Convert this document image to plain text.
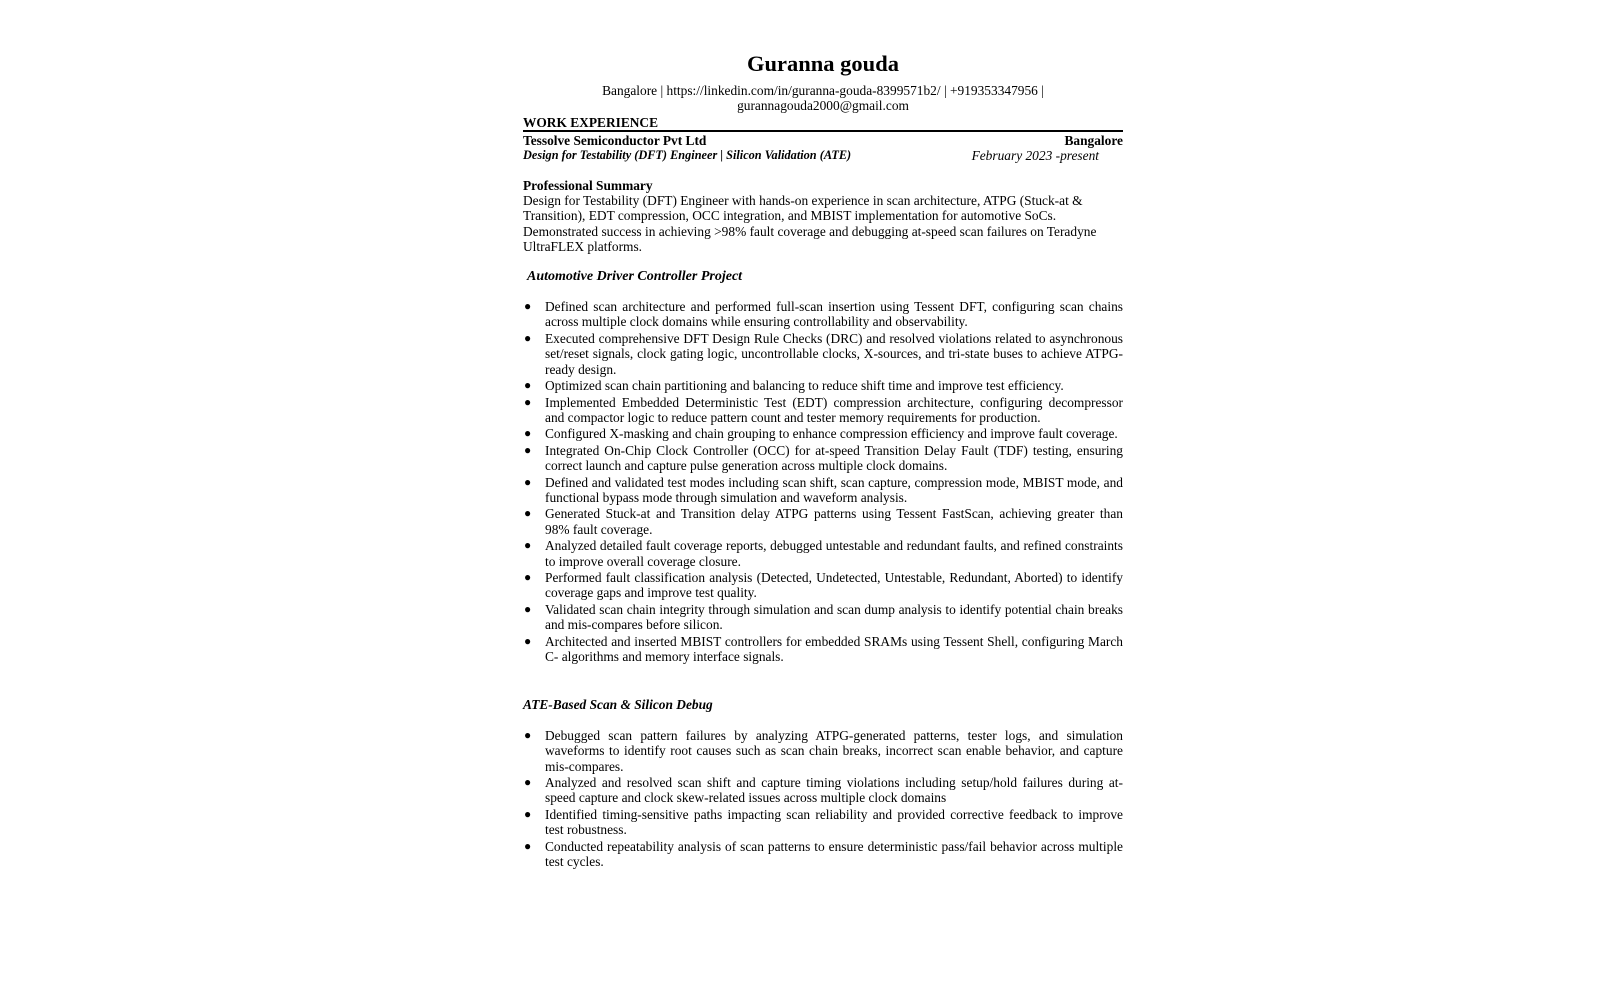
Guranna gouda
Bangalore | https://linkedin.com/in/guranna-gouda-8399571b2/ | +919353347956 | gurannagouda2000@gmail.com
WORK EXPERIENCE
Tessolve Semiconductor Pvt Ltd	Bangalore
Design for Testability (DFT) Engineer | Silicon Validation (ATE)	February 2023 -present
Professional Summary
Design for Testability (DFT) Engineer with hands-on experience in scan architecture, ATPG (Stuck-at & Transition), EDT compression, OCC integration, and MBIST implementation for automotive SoCs. Demonstrated success in achieving >98% fault coverage and debugging at-speed scan failures on Teradyne UltraFLEX platforms.
Automotive Driver Controller Project
● Defined scan architecture and performed full-scan insertion using Tessent DFT, configuring scan chains across multiple clock domains while ensuring controllability and observability.
● Executed comprehensive DFT Design Rule Checks (DRC) and resolved violations related to asynchronous set/reset signals, clock gating logic, uncontrollable clocks, X-sources, and tri-state buses to achieve ATPG-ready design.
● Optimized scan chain partitioning and balancing to reduce shift time and improve test efficiency.
● Implemented Embedded Deterministic Test (EDT) compression architecture, configuring decompressor and compactor logic to reduce pattern count and tester memory requirements for production.
● Configured X-masking and chain grouping to enhance compression efficiency and improve fault coverage.
● Integrated On-Chip Clock Controller (OCC) for at-speed Transition Delay Fault (TDF) testing, ensuring correct launch and capture pulse generation across multiple clock domains.
● Defined and validated test modes including scan shift, scan capture, compression mode, MBIST mode, and functional bypass mode through simulation and waveform analysis.
● Generated Stuck-at and Transition delay ATPG patterns using Tessent FastScan, achieving greater than 98% fault coverage.
● Analyzed detailed fault coverage reports, debugged untestable and redundant faults, and refined constraints to improve overall coverage closure.
● Performed fault classification analysis (Detected, Undetected, Untestable, Redundant, Aborted) to identify coverage gaps and improve test quality.
● Validated scan chain integrity through simulation and scan dump analysis to identify potential chain breaks and mis-compares before silicon.
● Architected and inserted MBIST controllers for embedded SRAMs using Tessent Shell, configuring March C- algorithms and memory interface signals.
ATE-Based Scan & Silicon Debug
● Debugged scan pattern failures by analyzing ATPG-generated patterns, tester logs, and simulation waveforms to identify root causes such as scan chain breaks, incorrect scan enable behavior, and capture mis-compares.
● Analyzed and resolved scan shift and capture timing violations including setup/hold failures during at-speed capture and clock skew-related issues across multiple clock domains
● Identified timing-sensitive paths impacting scan reliability and provided corrective feedback to improve test robustness.
● Conducted repeatability analysis of scan patterns to ensure deterministic pass/fail behavior across multiple test cycles.
